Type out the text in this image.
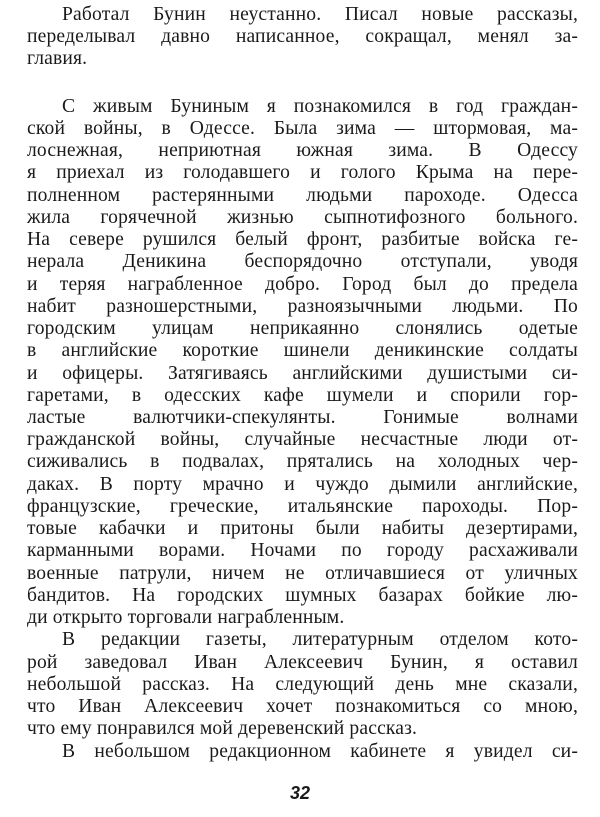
Работал Бунин неустанно. Писал новые рассказы,
переделывал давно написанное, сокращал, менял за-
главия.
С живым Буниным я познакомился в год граждан-
ской войны, в Одессе. Была зима — штормовая, ма-
лоснежная, неприютная южная зима. В Одессу
я приехал из голодавшего и голого Крыма на пере-
полненном растерянными людьми пароходе. Одесса
жила горячечной жизнью сыпнотифозного больного.
На севере рушился белый фронт, разбитые войска ге-
нерала Деникина беспорядочно отступали, уводя
и теряя награбленное добро. Город был до предела
набит разношерстными, разноязычными людьми. По
городским улицам неприкаянно слонялись одетые
в английские короткие шинели деникинские солдаты
и офицеры. Затягиваясь английскими душистыми си-
гаретами, в одесских кафе шумели и спорили гор-
ластые валютчики-спекулянты. Гонимые волнами
гражданской войны, случайные несчастные люди от-
сиживались в подвалах, прятались на холодных чер-
даках. В порту мрачно и чуждо дымили английские,
французские, греческие, итальянские пароходы. Пор-
товые кабачки и притоны были набиты дезертирами,
карманными ворами. Ночами по городу расхаживали
военные патрули, ничем не отличавшиеся от уличных
бандитов. На городских шумных базарах бойкие лю-
ди открыто торговали награбленным.
В редакции газеты, литературным отделом кото-
рой заведовал Иван Алексеевич Бунин, я оставил
небольшой рассказ. На следующий день мне сказали,
что Иван Алексеевич хочет познакомиться со мною,
что ему понравился мой деревенский рассказ.
В небольшом редакционном кабинете я увидел си-
32
